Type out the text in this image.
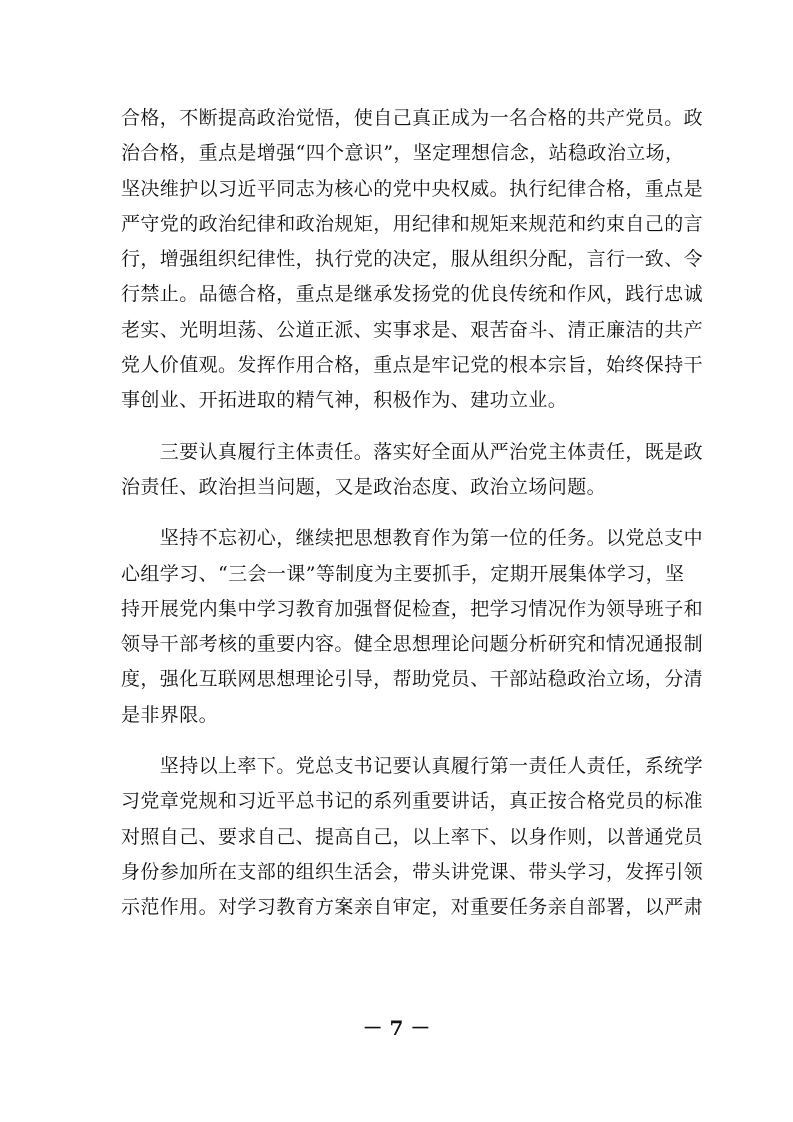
合格，不断提高政治觉悟，使自己真正成为一名合格的共产党员。政
治合格，重点是增强“四个意识”，坚定理想信念，站稳政治立场，
坚决维护以习近平同志为核心的党中央权威。执行纪律合格，重点是
严守党的政治纪律和政治规矩，用纪律和规矩来规范和约束自己的言
行，增强组织纪律性，执行党的决定，服从组织分配，言行一致、令
行禁止。品德合格，重点是继承发扬党的优良传统和作风，践行忠诚
老实、光明坦荡、公道正派、实事求是、艰苦奋斗、清正廉洁的共产
党人价值观。发挥作用合格，重点是牢记党的根本宗旨，始终保持干
事创业、开拓进取的精气神，积极作为、建功立业。
　　三要认真履行主体责任。落实好全面从严治党主体责任，既是政
治责任、政治担当问题，又是政治态度、政治立场问题。
　　坚持不忘初心，继续把思想教育作为第一位的任务。以党总支中
心组学习、“三会一课”等制度为主要抓手，定期开展集体学习，坚
持开展党内集中学习教育加强督促检查，把学习情况作为领导班子和
领导干部考核的重要内容。健全思想理论问题分析研究和情况通报制
度，强化互联网思想理论引导，帮助党员、干部站稳政治立场，分清
是非界限。
　　坚持以上率下。党总支书记要认真履行第一责任人责任，系统学
习党章党规和习近平总书记的系列重要讲话，真正按合格党员的标准
对照自己、要求自己、提高自己，以上率下、以身作则，以普通党员
身份参加所在支部的组织生活会，带头讲党课、带头学习，发挥引领
示范作用。对学习教育方案亲自审定，对重要任务亲自部署，以严肃
－ 7 －
